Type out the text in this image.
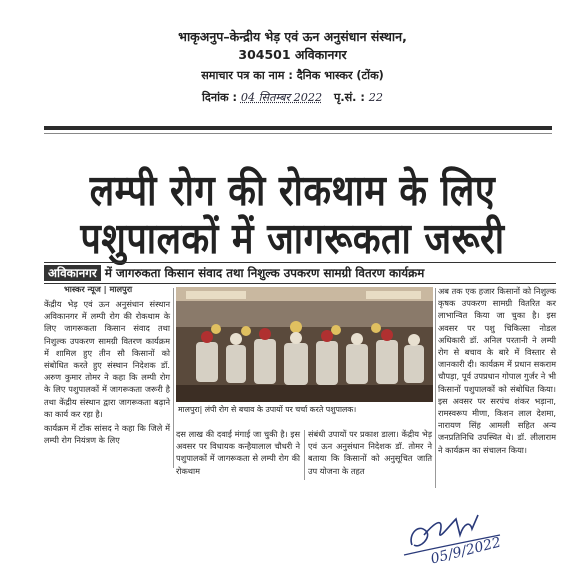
भाकृअनुप–केन्द्रीय भेड़ एवं ऊन अनुसंधान संस्थान,
304501 अविकानगर
समाचार पत्र का नाम : दैनिक भास्कर (टोंक)
दिनांक : 04 सितम्बर 2022 पृ.सं. : 22
लम्पी रोग की रोकथाम के लिए
पशुपालकों में जागरूकता जरूरी
अविकानगर में जागरुकता किसान संवाद तथा निशुल्क उपकरण सामग्री वितरण कार्यक्रम
भास्कर न्यूज | मालपुरा

केंद्रीय भेड़ एवं ऊन अनुसंधान संस्थान अविकानगर में लम्पी रोग की रोकथाम के लिए जागरूकता किसान संवाद तथा निशुल्क उपकरण सामग्री वितरण कार्यक्रम में शामिल हुए तीन सौ किसानों को संबोधित करते हुए संस्थान निदेशक डॉ. अरुण कुमार तोमर ने कहा कि लम्पी रोग के लिए पशुपालकों में जागरूकता जरूरी है तथा केंद्रीय संस्थान द्वारा जागरूकता बढ़ाने का कार्य कर रहा है।

कार्यक्रम में टोंक सांसद ने कहा कि जिले में लम्पी रोग नियंत्रण के लिए

मालपुरा| लंपी रोग से बचाव के उपायों पर चर्चा करते पशुपालक।

दस लाख की दवाई मंगाई जा चुकी है। इस अवसर पर विधायक कन्हैयालाल चौधरी ने पशुपालकों में जागरूकता से लम्पी रोग की रोकथाम

संबंधी उपायों पर प्रकाश डाला। केंद्रीय भेड़ एवं ऊन अनुसंधान निदेशक डॉ. तोमर ने बताया कि किसानों को अनुसूचित जाति उप योजना के तहत

अब तक एक हजार किसानों को निशुल्क कृषक उपकरण सामग्री वितरित कर लाभान्वित किया जा चुका है। इस अवसर पर पशु चिकित्सा नोडल अधिकारी डॉ. अनिल परतानी ने लम्पी रोग से बचाव के बारे में विस्तार से जानकारी दी। कार्यक्रम में प्रधान सकराम चौपड़ा, पूर्व उपप्रधान गोपाल गुर्जर ने भी किसानों पशुपालकों को संबोधित किया। इस अवसर पर सरपंच शंकर भड़ाना, रामस्वरूप मीणा, किशन लाल देशमा, नारायण सिंह आमली सहित अन्य जनप्रतिनिधि उपस्थित थे। डॉ. लीलाराम ने कार्यक्रम का संचालन किया।

05/9/2022
